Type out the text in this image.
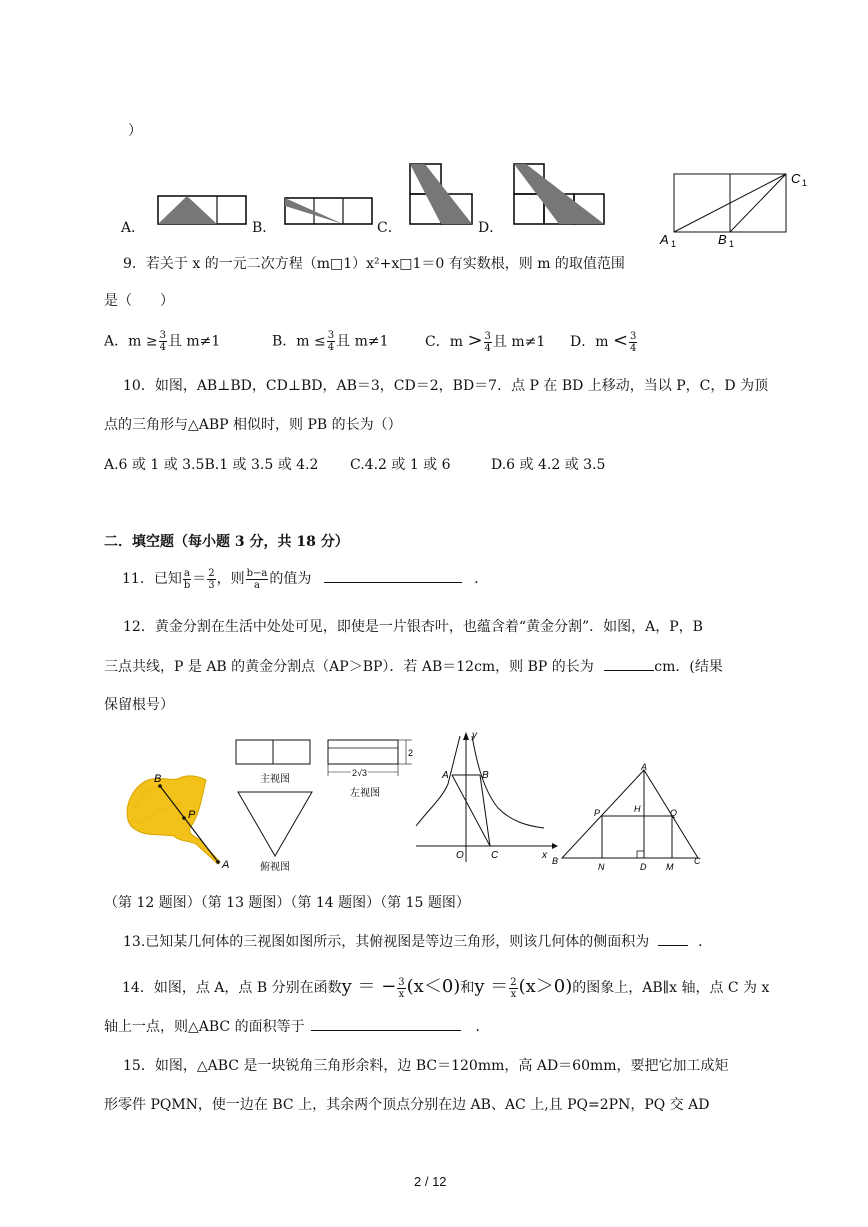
）
A．	B．	C．	D．
A 1	B 1
C 1
9．若关于 x 的一元二次方程（m□1）x²+x□1＝0 有实数根，则 m 的取值范围
是（　　）
A．$m \ge \frac{3}{4}$ 且 m≠1	B．$m \le \frac{3}{4}$ 且 m≠1	C．$m > \frac{3}{4}$ 且 m≠1 D．$m < \frac{3}{4}$
10．如图，AB⊥BD，CD⊥BD，AB＝3，CD＝2，BD＝7．点 P 在 BD 上移动，当以 P，C，D 为顶
点的三角形与△ABP 相似时，则 PB 的长为（）
A.6 或 1 或 3.5B.1 或 3.5 或 4.2 C.4.2 或 1 或 6	D.6 或 4.2 或 3.5
二．填空题（每小题 3 分，共 18 分）
11．已知 $\frac{a}{b} = \frac{2}{3}$ ，则 $\frac{b-a}{a}$ 的值为	．
12．黄金分割在生活中处处可见，即使是一片银杏叶，也蕴含着“黄金分割”．如图，A，P，B
三点共线，P 是 AB 的黄金分割点（AP＞BP）．若 AB＝12cm，则 BP 的长为	cm．(结果
保留根号）
B
P
A
主视图
2
2√3
左视图
俯视图
y
x
A	B
O	C
A
B	C
P	Q
H
N	D M
（第 12 题图）（第 13 题图）（第 14 题图）（第 15 题图）
13.已知某几何体的三视图如图所示，其俯视图是等边三角形，则该几何体的侧面积为	．
14．如图，点 A，点 B 分别在函数y ＝ − $\frac{3}{x} (x<0)$和$y = \frac{2}{x} (x>0)$的图象上，AB∥x 轴，点 C 为 x
轴上一点，则△ABC 的面积等于	．
15．如图，△ABC 是一块锐角三角形余料，边 BC＝120mm，高 AD＝60mm，要把它加工成矩
形零件 PQMN，使一边在 BC 上，其余两个顶点分别在边 AB、AC 上,且 PQ=2PN，PQ 交 AD
2 / 12
